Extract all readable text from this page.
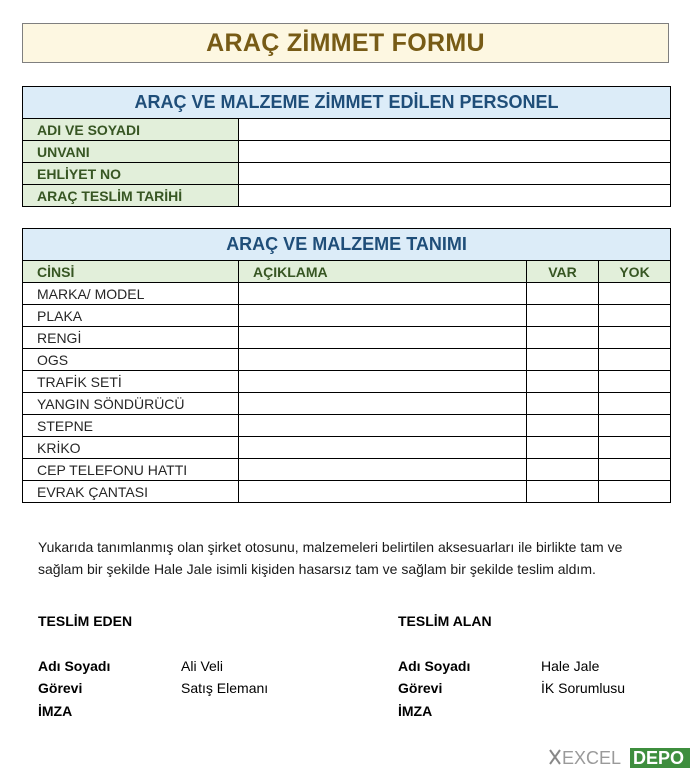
ARAÇ ZİMMET FORMU
ARAÇ VE MALZEME ZİMMET EDİLEN PERSONEL	
ADI VE SOYADI	
UNVANI	
EHLİYET NO	
ARAÇ TESLİM TARİHİ	
ARAÇ VE MALZEME TANIMI			
CİNSİ	AÇIKLAMA	VAR	YOK
MARKA/ MODEL			
PLAKA			
RENGİ			
OGS			
TRAFİK SETİ			
YANGIN SÖNDÜRÜCÜ			
STEPNE			
KRİKO			
CEP TELEFONU HATTI			
EVRAK ÇANTASI			
Yukarıda tanımlanmış olan şirket otosunu, malzemeleri belirtilen aksesuarları ile birlikte tam ve sağlam bir şekilde Hale Jale isimli kişiden hasarsız tam ve sağlam bir şekilde teslim aldım.
TESLİM EDEN
Adı Soyadı	Ali Veli
Görevi	Satış Elemanı
İMZA
TESLİM ALAN
Adı Soyadı	Hale Jale
Görevi	İK Sorumlusu
İMZA
EXCEL DEPO
